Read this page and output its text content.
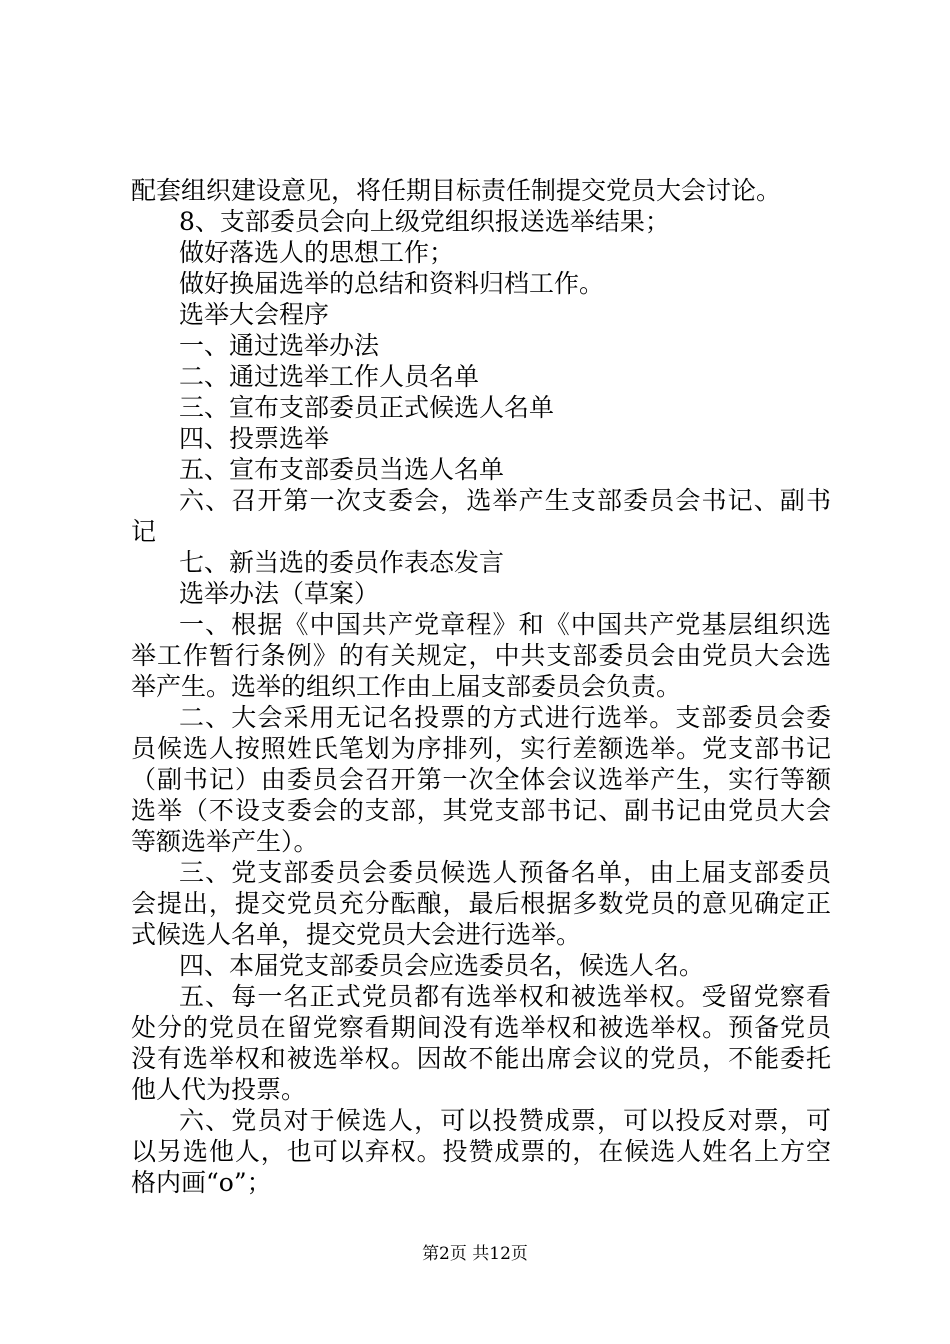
配套组织建设意见，将任期目标责任制提交党员大会讨论。
8、支部委员会向上级党组织报送选举结果；
做好落选人的思想工作；
做好换届选举的总结和资料归档工作。
选举大会程序
一、通过选举办法
二、通过选举工作人员名单
三、宣布支部委员正式候选人名单
四、投票选举
五、宣布支部委员当选人名单
六、召开第一次支委会，选举产生支部委员会书记、副书
记
七、新当选的委员作表态发言
选举办法（草案）
一、根据《中国共产党章程》和《中国共产党基层组织选
举工作暂行条例》的有关规定，中共支部委员会由党员大会选
举产生。选举的组织工作由上届支部委员会负责。
二、大会采用无记名投票的方式进行选举。支部委员会委
员候选人按照姓氏笔划为序排列，实行差额选举。党支部书记
（副书记）由委员会召开第一次全体会议选举产生，实行等额
选举（不设支委会的支部，其党支部书记、副书记由党员大会
等额选举产生）。
三、党支部委员会委员候选人预备名单，由上届支部委员
会提出，提交党员充分酝酿，最后根据多数党员的意见确定正
式候选人名单，提交党员大会进行选举。
四、本届党支部委员会应选委员名，候选人名。
五、每一名正式党员都有选举权和被选举权。受留党察看
处分的党员在留党察看期间没有选举权和被选举权。预备党员
没有选举权和被选举权。因故不能出席会议的党员，不能委托
他人代为投票。
六、党员对于候选人，可以投赞成票，可以投反对票，可
以另选他人，也可以弃权。投赞成票的，在候选人姓名上方空
格内画“o”；
第2页 共12页
